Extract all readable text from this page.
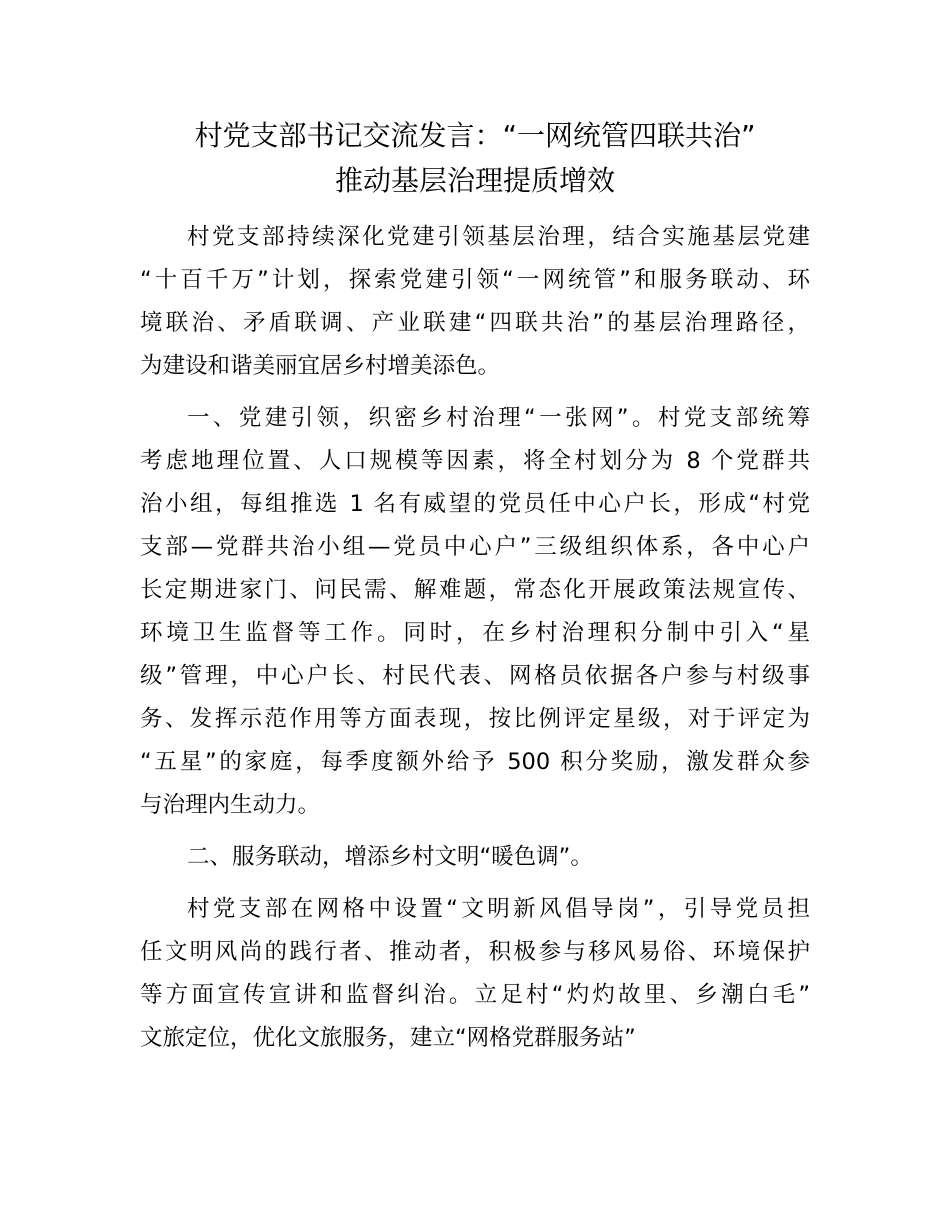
村党支部书记交流发言：“一网统管四联共治”
推动基层治理提质增效
村党支部持续深化党建引领基层治理，结合实施基层党建
“十百千万”计划，探索党建引领“一网统管”和服务联动、环
境联治、矛盾联调、产业联建“四联共治”的基层治理路径，
为建设和谐美丽宜居乡村增美添色。
一、党建引领，织密乡村治理“一张网”。村党支部统筹
考虑地理位置、人口规模等因素，将全村划分为 8 个党群共
治小组，每组推选 1 名有威望的党员任中心户长，形成“村党
支部—党群共治小组—党员中心户”三级组织体系，各中心户
长定期进家门、问民需、解难题，常态化开展政策法规宣传、
环境卫生监督等工作。同时，在乡村治理积分制中引入“星
级”管理，中心户长、村民代表、网格员依据各户参与村级事
务、发挥示范作用等方面表现，按比例评定星级，对于评定为
“五星”的家庭，每季度额外给予 500 积分奖励，激发群众参
与治理内生动力。
二、服务联动，增添乡村文明“暖色调”。
村党支部在网格中设置“文明新风倡导岗”，引导党员担
任文明风尚的践行者、推动者，积极参与移风易俗、环境保护
等方面宣传宣讲和监督纠治。立足村“灼灼故里、乡潮白毛”
文旅定位，优化文旅服务，建立“网格党群服务站”
